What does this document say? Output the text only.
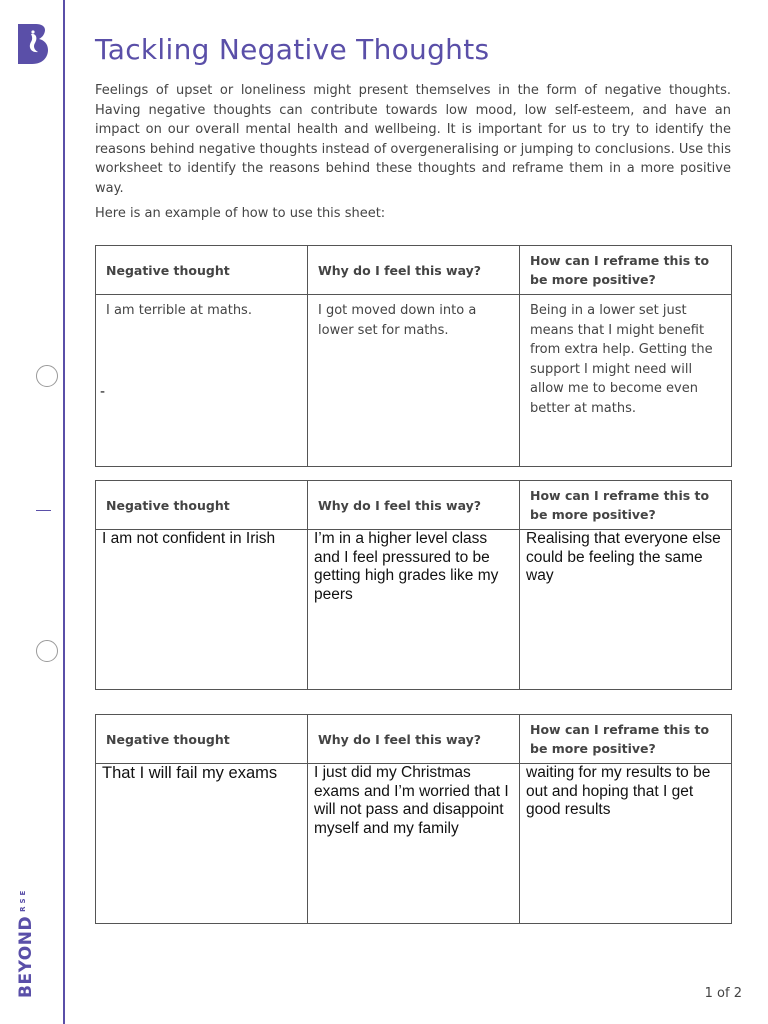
$BEYOND^{RSE}$
Tackling Negative Thoughts

Feelings of upset or loneliness might present themselves in the form of negative thoughts. Having negative thoughts can contribute towards low mood, low self-esteem, and have an impact on our overall mental health and wellbeing. It is important for us to try to identify the reasons behind negative thoughts instead of overgeneralising or jumping to conclusions. Use this worksheet to identify the reasons behind these thoughts and reframe them in a more positive way.

Here is an example of how to use this sheet:

Negative thought	Why do I feel this way?	How can I reframe this to be more positive?
I am terrible at maths.	I got moved down into a lower set for maths.	Being in a lower set just means that I might benefit from extra help. Getting the support I might need will allow me to become even better at maths.
-
Negative thought	Why do I feel this way?	How can I reframe this to be more positive?
I am not confident in Irish	I’m in a higher level class and I feel pressured to be getting high grades like my peers	Realising that everyone else could be feeling the same way
Negative thought	Why do I feel this way?	How can I reframe this to be more positive?
That I will fail my exams	I just did my Christmas exams and I’m worried that I will not pass and disappoint myself and my family	waiting for my results to be out and hoping that I get good results
1 of 2
